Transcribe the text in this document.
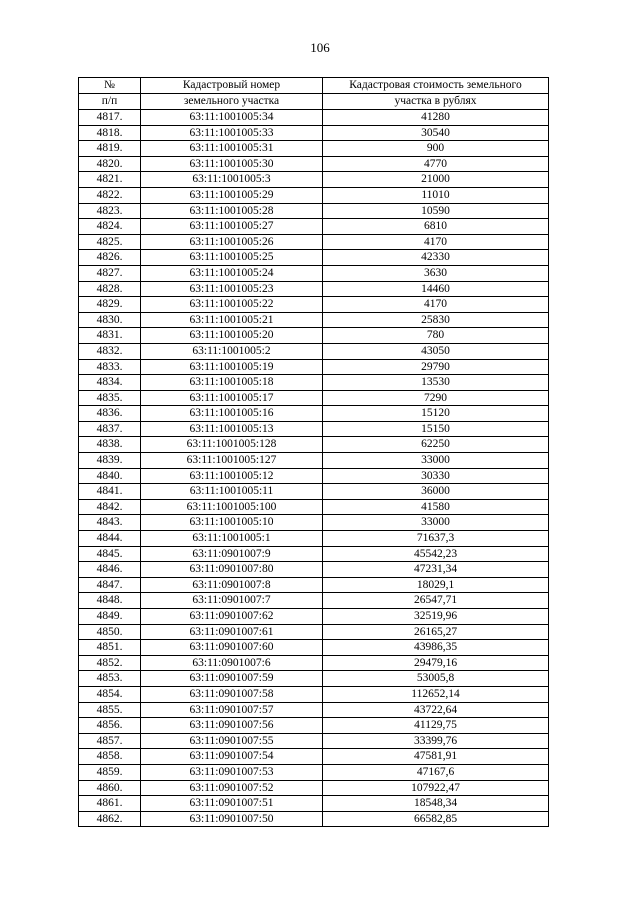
106
№	Кадастровый номер	Кадастровая стоимость земельного
п/п	земельного участка	участка в рублях
4817.	63:11:1001005:34	41280
4818.	63:11:1001005:33	30540
4819.	63:11:1001005:31	900
4820.	63:11:1001005:30	4770
4821.	63:11:1001005:3	21000
4822.	63:11:1001005:29	11010
4823.	63:11:1001005:28	10590
4824.	63:11:1001005:27	6810
4825.	63:11:1001005:26	4170
4826.	63:11:1001005:25	42330
4827.	63:11:1001005:24	3630
4828.	63:11:1001005:23	14460
4829.	63:11:1001005:22	4170
4830.	63:11:1001005:21	25830
4831.	63:11:1001005:20	780
4832.	63:11:1001005:2	43050
4833.	63:11:1001005:19	29790
4834.	63:11:1001005:18	13530
4835.	63:11:1001005:17	7290
4836.	63:11:1001005:16	15120
4837.	63:11:1001005:13	15150
4838.	63:11:1001005:128	62250
4839.	63:11:1001005:127	33000
4840.	63:11:1001005:12	30330
4841.	63:11:1001005:11	36000
4842.	63:11:1001005:100	41580
4843.	63:11:1001005:10	33000
4844.	63:11:1001005:1	71637,3
4845.	63:11:0901007:9	45542,23
4846.	63:11:0901007:80	47231,34
4847.	63:11:0901007:8	18029,1
4848.	63:11:0901007:7	26547,71
4849.	63:11:0901007:62	32519,96
4850.	63:11:0901007:61	26165,27
4851.	63:11:0901007:60	43986,35
4852.	63:11:0901007:6	29479,16
4853.	63:11:0901007:59	53005,8
4854.	63:11:0901007:58	112652,14
4855.	63:11:0901007:57	43722,64
4856.	63:11:0901007:56	41129,75
4857.	63:11:0901007:55	33399,76
4858.	63:11:0901007:54	47581,91
4859.	63:11:0901007:53	47167,6
4860.	63:11:0901007:52	107922,47
4861.	63:11:0901007:51	18548,34
4862.	63:11:0901007:50	66582,85
